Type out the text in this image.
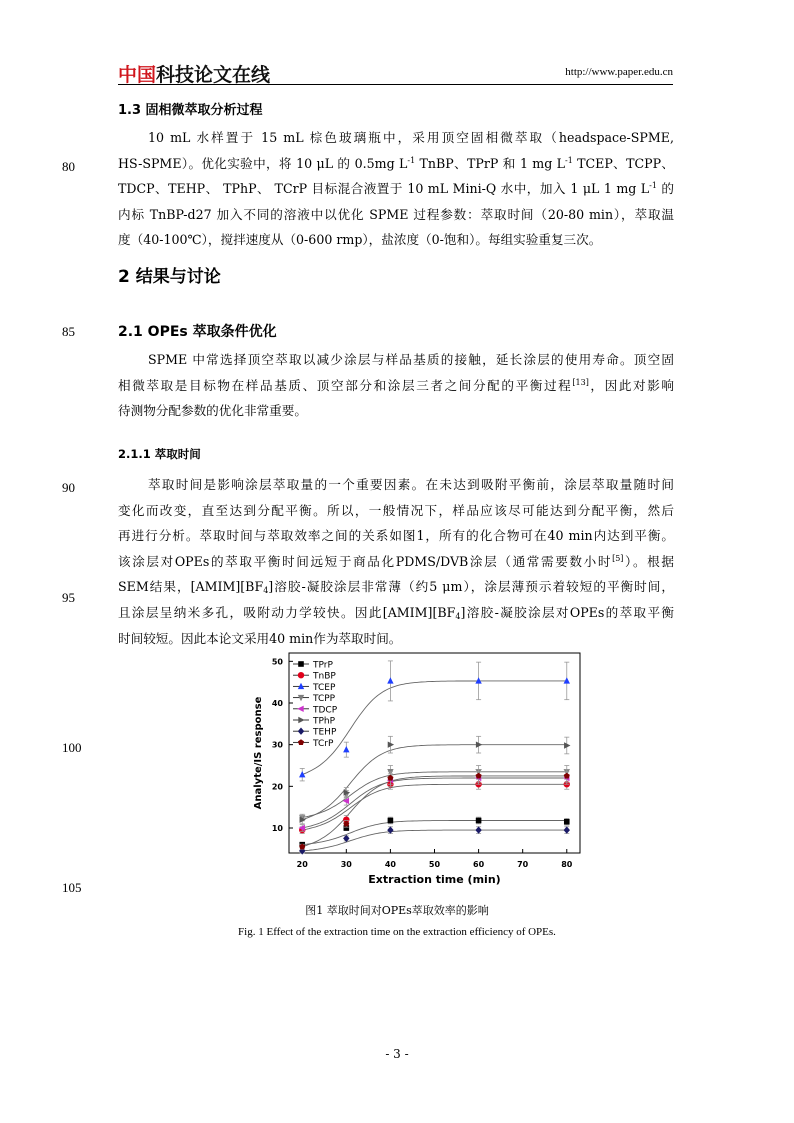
中国科技论文在线	http://www.paper.edu.cn
80
85
90
95
100
105
1.3 固相微萃取分析过程
10 mL 水样置于 15 mL 棕色玻璃瓶中，采用顶空固相微萃取（headspace-SPME,
HS-SPME）。优化实验中，将 10 μL 的 0.5mg $L^{-1}$ TnBP、TPrP 和 1 mg $L^{-1}$ TCEP、TCPP、
TDCP、TEHP、 TPhP、 TCrP 目标混合液置于 10 mL Mini-Q 水中，加入 1 μL 1 mg $L^{-1}$ 的
内标 TnBP-d27 加入不同的溶液中以优化 SPME 过程参数：萃取时间（20-80 min），萃取温
度（40-100℃），搅拌速度从（0-600 rmp），盐浓度（0-饱和）。每组实验重复三次。
2 结果与讨论
2.1 OPEs 萃取条件优化
SPME 中常选择顶空萃取以减少涂层与样品基质的接触，延长涂层的使用寿命。顶空固
相微萃取是目标物在样品基质、顶空部分和涂层三者之间分配的平衡过程[13]，因此对影响
待测物分配参数的优化非常重要。
2.1.1 萃取时间
萃取时间是影响涂层萃取量的一个重要因素。在未达到吸附平衡前，涂层萃取量随时间
变化而改变，直至达到分配平衡。所以，一般情况下，样品应该尽可能达到分配平衡，然后
再进行分析。萃取时间与萃取效率之间的关系如图1，所有的化合物可在40 min内达到平衡。
该涂层对OPEs的萃取平衡时间远短于商品化PDMS/DVB涂层（通常需要数小时[5]）。根据
SEM结果，$[AMIM][BF_4]$溶胶-凝胶涂层非常薄（约5 μm），涂层薄预示着较短的平衡时间，
且涂层呈纳米多孔，吸附动力学较快。因此$[AMIM][BF_4]$溶胶-凝胶涂层对OPEs的萃取平衡
时间较短。因此本论文采用40 min作为萃取时间。
20	30	40	50	60	70	80
10
20
30
40
50
Extraction time (min)
Analyte/IS response
TPrP
TnBP
TCEP
TCPP
TDCP
TPhP
TEHP
TCrP
图1 萃取时间对OPEs萃取效率的影响
Fig. 1 Effect of the extraction time on the extraction efficiency of OPEs.
- 3 -
